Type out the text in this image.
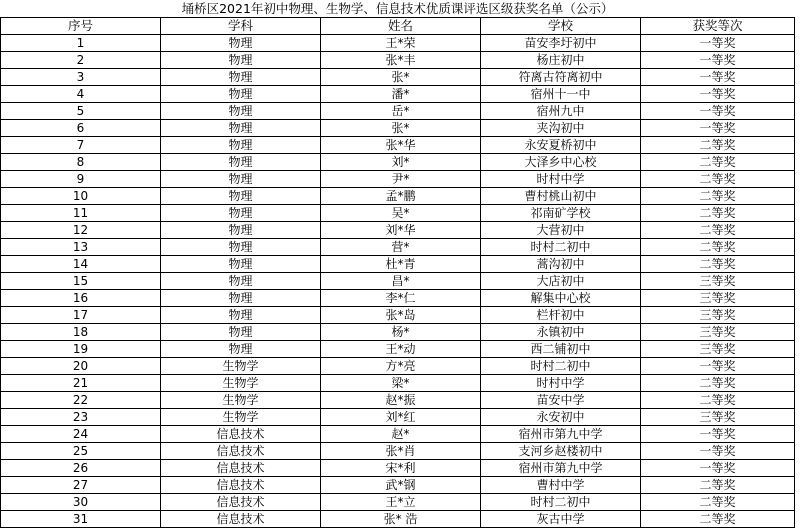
埇桥区2021年初中物理、生物学、信息技术优质课评选区级获奖名单（公示）				
序号	学科	姓名	学校	获奖等次
1	物理	王*荣	苗安李圩初中	一等奖
2	物理	张*丰	杨庄初中	一等奖
3	物理	张*	符离古符离初中	一等奖
4	物理	潘*	宿州十一中	一等奖
5	物理	岳*	宿州九中	一等奖
6	物理	张*	夹沟初中	一等奖
7	物理	张*华	永安夏桥初中	二等奖
8	物理	刘*	大泽乡中心校	二等奖
9	物理	尹*	时村中学	二等奖
10	物理	孟*鹏	曹村桃山初中	二等奖
11	物理	吴*	祁南矿学校	二等奖
12	物理	刘*华	大营初中	二等奖
13	物理	营*	时村二初中	二等奖
14	物理	杜*青	蒿沟初中	二等奖
15	物理	昌*	大店初中	三等奖
16	物理	李*仁	解集中心校	三等奖
17	物理	张*岛	栏杆初中	三等奖
18	物理	杨*	永镇初中	三等奖
19	物理	王*动	西二铺初中	三等奖
20	生物学	方*亮	时村二初中	一等奖
21	生物学	梁*	时村中学	二等奖
22	生物学	赵*振	苗安中学	二等奖
23	生物学	刘*红	永安初中	三等奖
24	信息技术	赵*	宿州市第九中学	一等奖
25	信息技术	张*肖	支河乡赵楼初中	一等奖
26	信息技术	宋*利	宿州市第九中学	一等奖
27	信息技术	武*钢	曹村中学	二等奖
30	信息技术	王*立	时村二初中	二等奖
31	信息技术	张* 浩	灰古中学	二等奖
